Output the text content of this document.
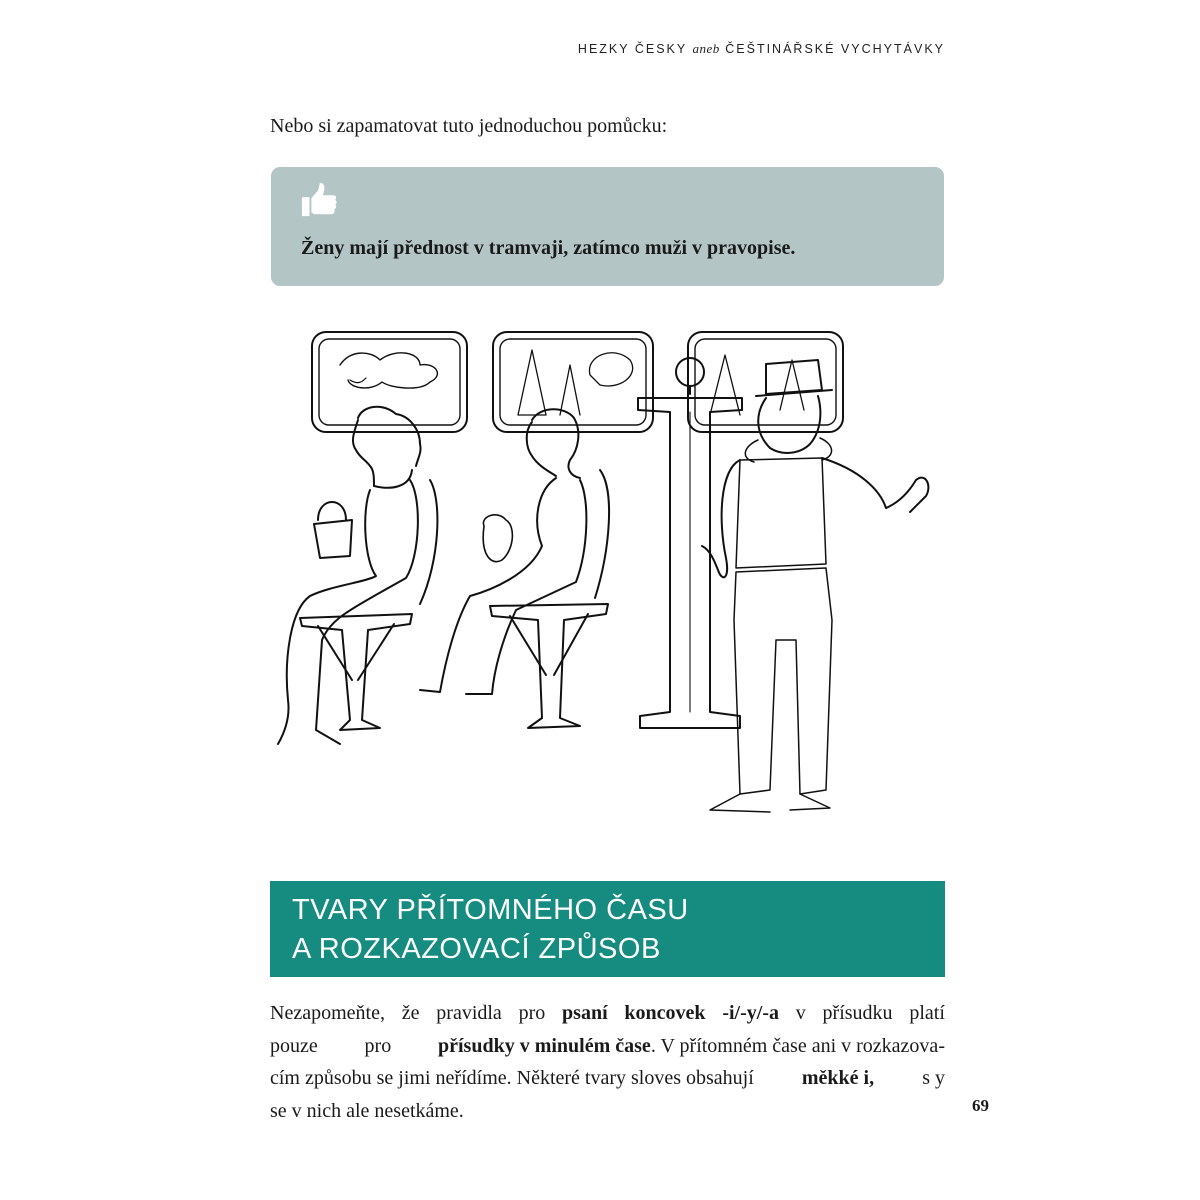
HEZKY ČESKY aneb ČEŠTINÁŘSKÉ VYCHYTÁVKY

Nebo si zapamatovat tuto jednoduchou pomůcku:

Ženy mají přednost v tramvaji, zatímco muži v pravopise.
TVARY PŘÍTOMNÉHO ČASU
A ROZKAZOVACÍ ZPŮSOB
Nezapomeňte, že pravidla pro psaní koncovek -i/-y/-a v přísudku platí
pouze pro přísudky v minulém čase. V přítomném čase ani v rozkazova-
cím způsobu se jimi neřídíme. Některé tvary sloves obsahují měkké i, s y
se v nich ale nesetkáme.	69
